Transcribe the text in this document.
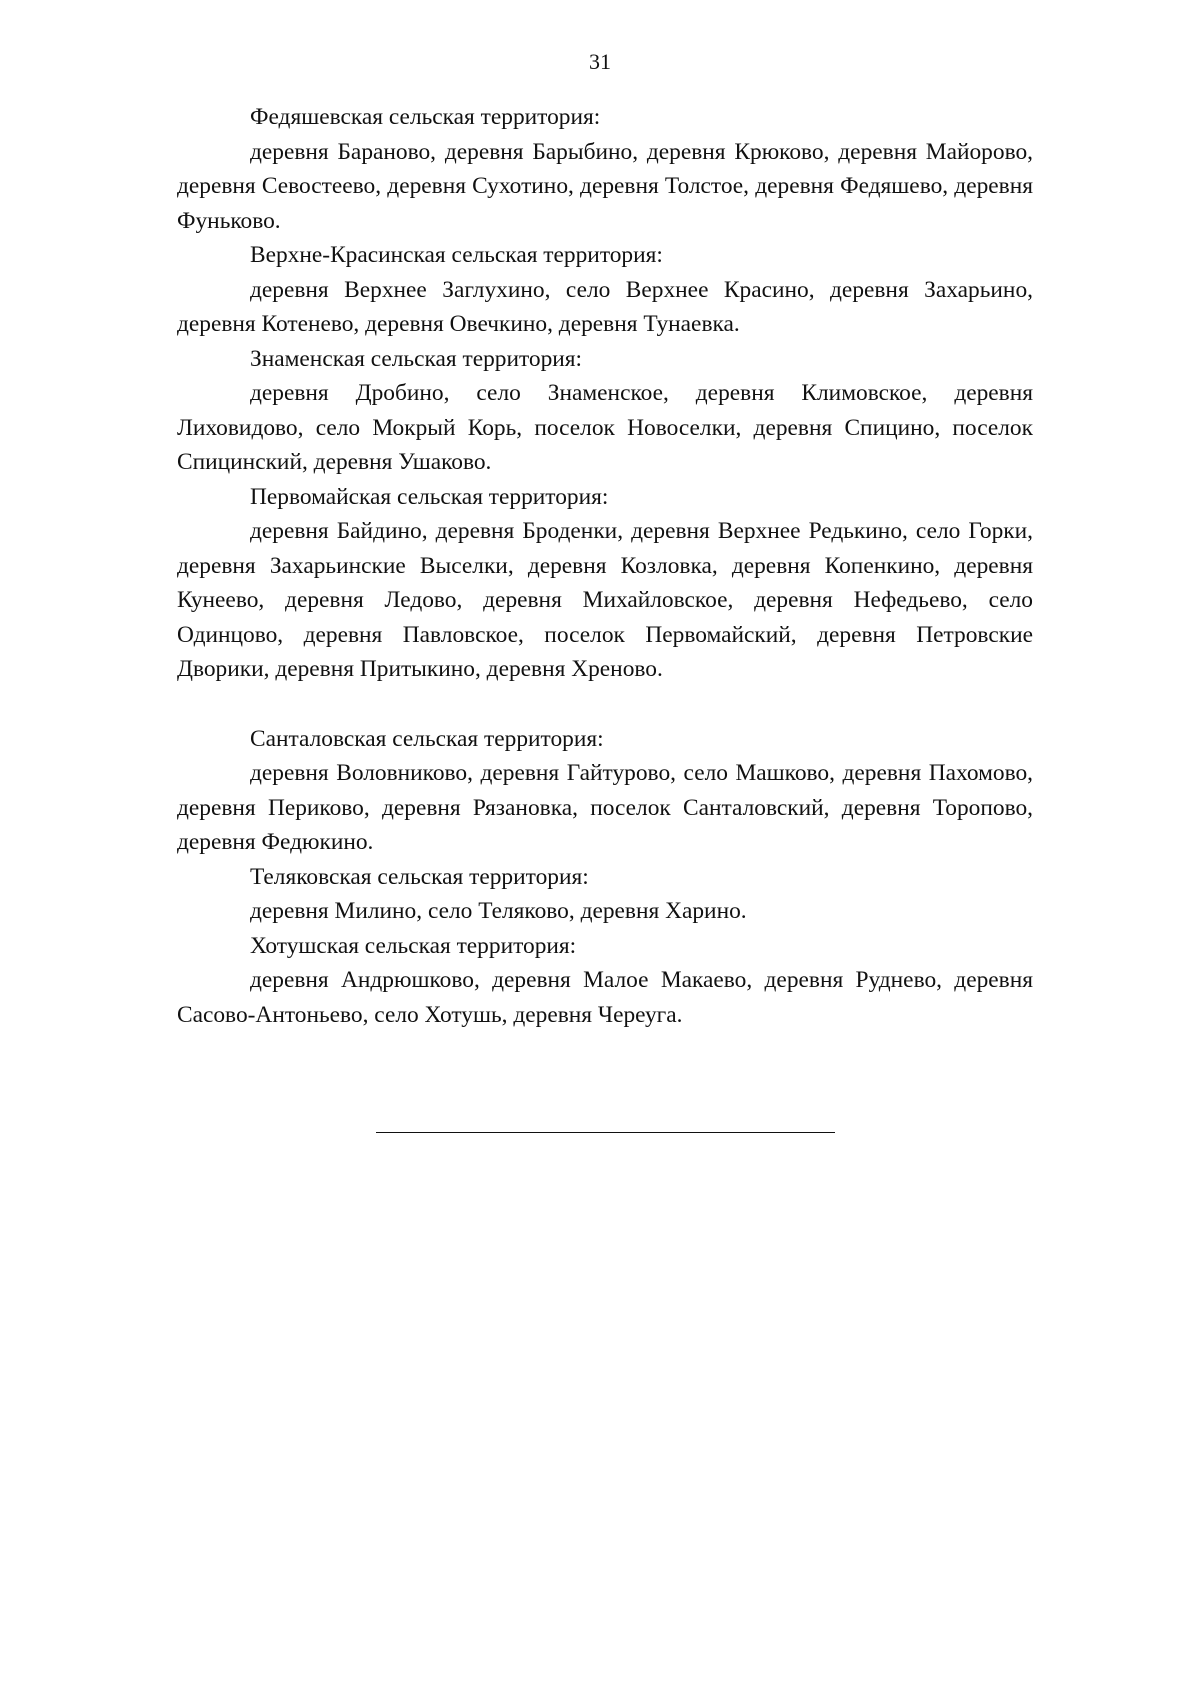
31

Федяшевская сельская территория:

деревня Бараново, деревня Барыбино, деревня Крюково, деревня Майорово, деревня Севостеево, деревня Сухотино, деревня Толстое, деревня Федяшево, деревня Фуньково.

Верхне-Красинская сельская территория:

деревня Верхнее Заглухино, село Верхнее Красино, деревня Захарьино, деревня Котенево, деревня Овечкино, деревня Тунаевка.

Знаменская сельская территория:

деревня Дробино, село Знаменское, деревня Климовское, деревня Лиховидово, село Мокрый Корь, поселок Новоселки, деревня Спицино, поселок Спицинский, деревня Ушаково.

Первомайская сельская территория:

деревня Байдино, деревня Броденки, деревня Верхнее Редькино, село Горки, деревня Захарьинские Выселки, деревня Козловка, деревня Копенкино, деревня Кунеево, деревня Ледово, деревня Михайловское, деревня Нефедьево, село Одинцово, деревня Павловское, поселок Первомайский, деревня Петровские Дворики, деревня Притыкино, деревня Хреново.

Санталовская сельская территория:

деревня Воловниково, деревня Гайтурово, село Машково, деревня Пахомово, деревня Периково, деревня Рязановка, поселок Санталовский, деревня Торопово, деревня Федюкино.

Теляковская сельская территория:

деревня Милино, село Теляково, деревня Харино.

Хотушская сельская территория:

деревня Андрюшково, деревня Малое Макаево, деревня Руднево, деревня Сасово-Антоньево, село Хотушь, деревня Череуга.
